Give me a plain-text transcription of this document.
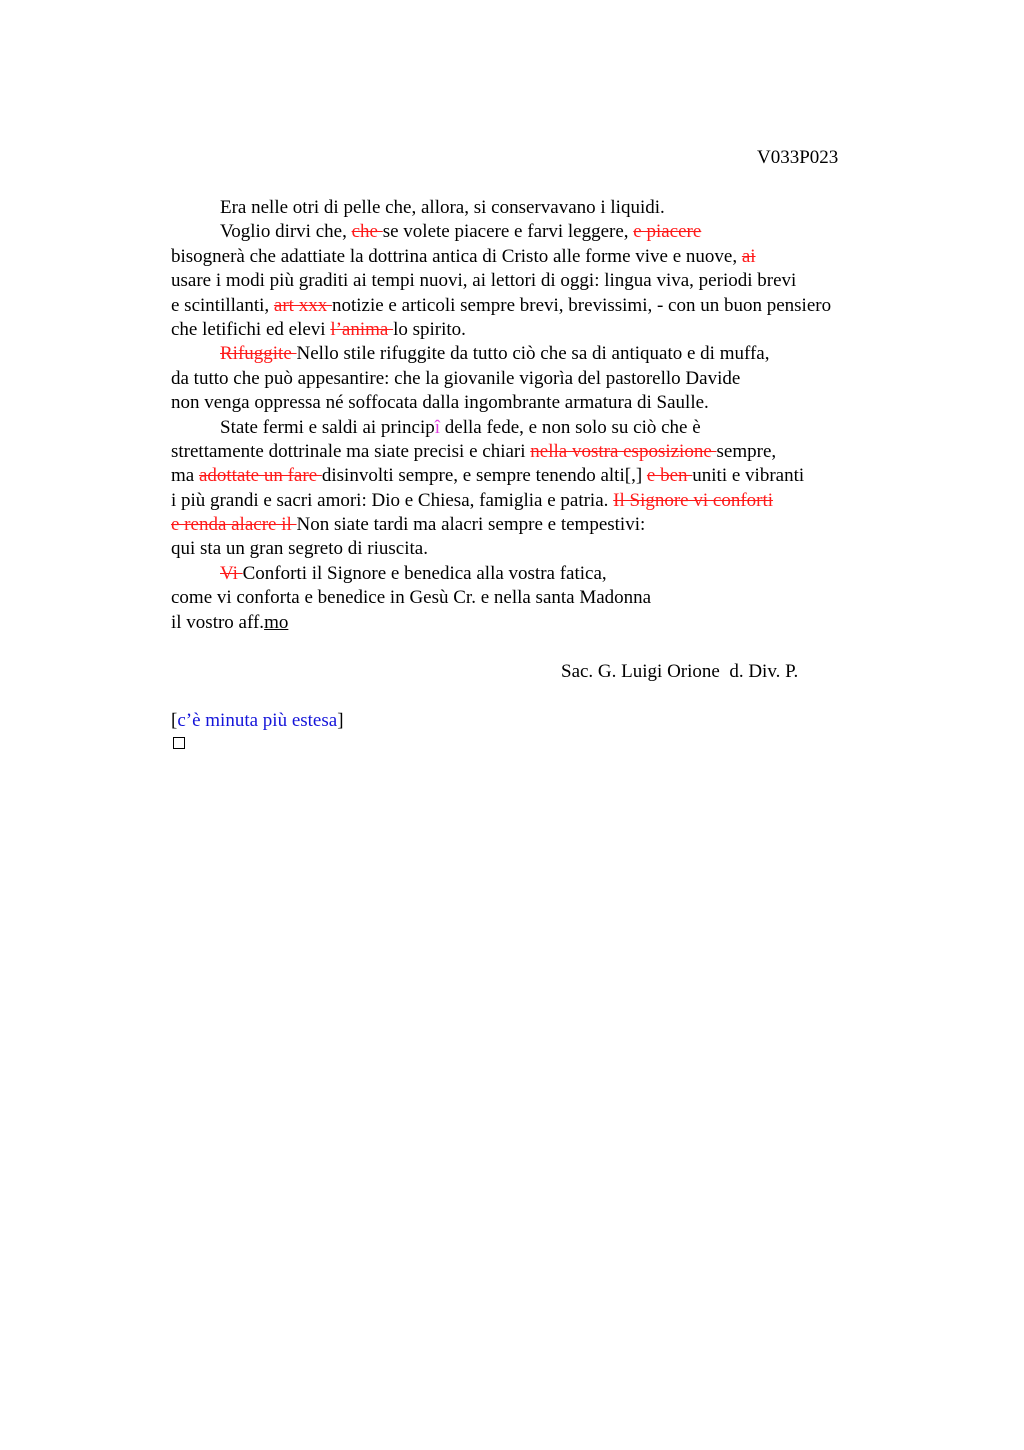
V033P023
Era nelle otri di pelle che, allora, si conservavano i liquidi.
Voglio dirvi che, che se volete piacere e farvi leggere, e piacere
bisognerà che adattiate la dottrina antica di Cristo alle forme vive e nuove, ai
usare i modi più graditi ai tempi nuovi, ai lettori di oggi: lingua viva, periodi brevi
e scintillanti, art xxx notizie e articoli sempre brevi, brevissimi, - con un buon pensiero
che letifichi ed elevi l’anima lo spirito.
Rifuggite Nello stile rifuggite da tutto ciò che sa di antiquato e di muffa,
da tutto che può appesantire: che la giovanile vigorìa del pastorello Davide
non venga oppressa né soffocata dalla ingombrante armatura di Saulle.
State fermi e saldi ai principî della fede, e non solo su ciò che è
strettamente dottrinale ma siate precisi e chiari nella vostra esposizione sempre,
ma adottate un fare disinvolti sempre, e sempre tenendo alti[,] e ben uniti e vibranti
i più grandi e sacri amori: Dio e Chiesa, famiglia e patria. Il Signore vi conforti
e renda alacre il Non siate tardi ma alacri sempre e tempestivi:
qui sta un gran segreto di riuscita.
Vi Conforti il Signore e benedica alla vostra fatica,
come vi conforta e benedice in Gesù Cr. e nella santa Madonna
il vostro aff.mo
Sac. G. Luigi Orione  d. Div. P.
[c’è minuta più estesa]
